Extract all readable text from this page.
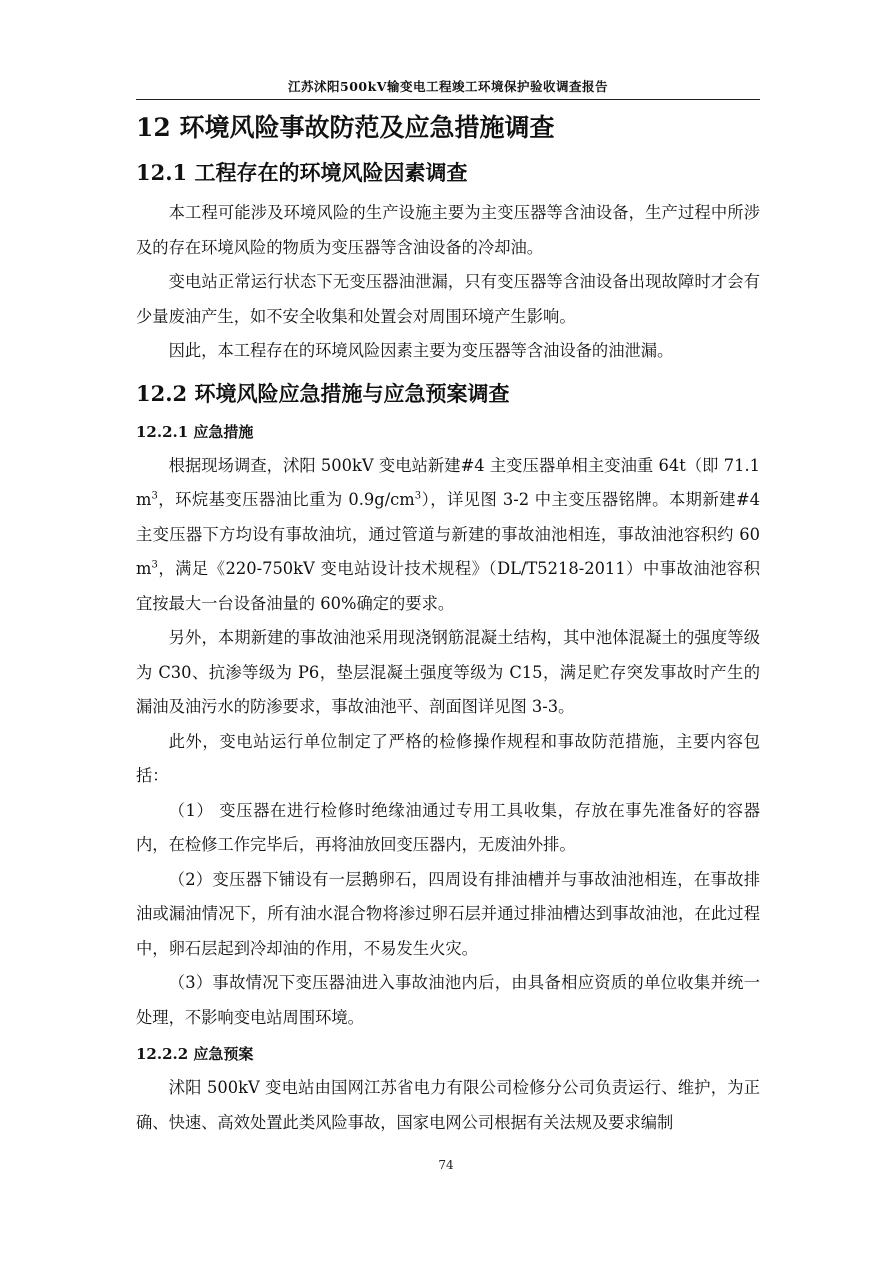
江苏沭阳500kV输变电工程竣工环境保护验收调查报告
12 环境风险事故防范及应急措施调查
12.1 工程存在的环境风险因素调查

本工程可能涉及环境风险的生产设施主要为主变压器等含油设备，生产过程中所涉及的存在环境风险的物质为变压器等含油设备的冷却油。

变电站正常运行状态下无变压器油泄漏，只有变压器等含油设备出现故障时才会有少量废油产生，如不安全收集和处置会对周围环境产生影响。

因此，本工程存在的环境风险因素主要为变压器等含油设备的油泄漏。

12.2 环境风险应急措施与应急预案调查
12.2.1 应急措施

根据现场调查，沭阳 500kV 变电站新建#4 主变压器单相主变油重 64t（即 $71.1m^3$，环烷基变压器油比重为 $0.9g/cm^3$），详见图 3-2 中主变压器铭牌。本期新建#4 主变压器下方均设有事故油坑，通过管道与新建的事故油池相连，事故油池容积约 $60m^3$，满足《220-750kV 变电站设计技术规程》（DL/T5218-2011）中事故油池容积宜按最大一台设备油量的 60%确定的要求。

另外，本期新建的事故油池采用现浇钢筋混凝土结构，其中池体混凝土的强度等级为 C30、抗渗等级为 P6，垫层混凝土强度等级为 C15，满足贮存突发事故时产生的漏油及油污水的防渗要求，事故油池平、剖面图详见图 3-3。

此外，变电站运行单位制定了严格的检修操作规程和事故防范措施，主要内容包括：

（1） 变压器在进行检修时绝缘油通过专用工具收集，存放在事先准备好的容器内，在检修工作完毕后，再将油放回变压器内，无废油外排。

（2）变压器下铺设有一层鹅卵石，四周设有排油槽并与事故油池相连，在事故排油或漏油情况下，所有油水混合物将渗过卵石层并通过排油槽达到事故油池，在此过程中，卵石层起到冷却油的作用，不易发生火灾。

（3）事故情况下变压器油进入事故油池内后，由具备相应资质的单位收集并统一处理，不影响变电站周围环境。

12.2.2 应急预案

沭阳 500kV 变电站由国网江苏省电力有限公司检修分公司负责运行、维护，为正确、快速、高效处置此类风险事故，国家电网公司根据有关法规及要求编制

74
